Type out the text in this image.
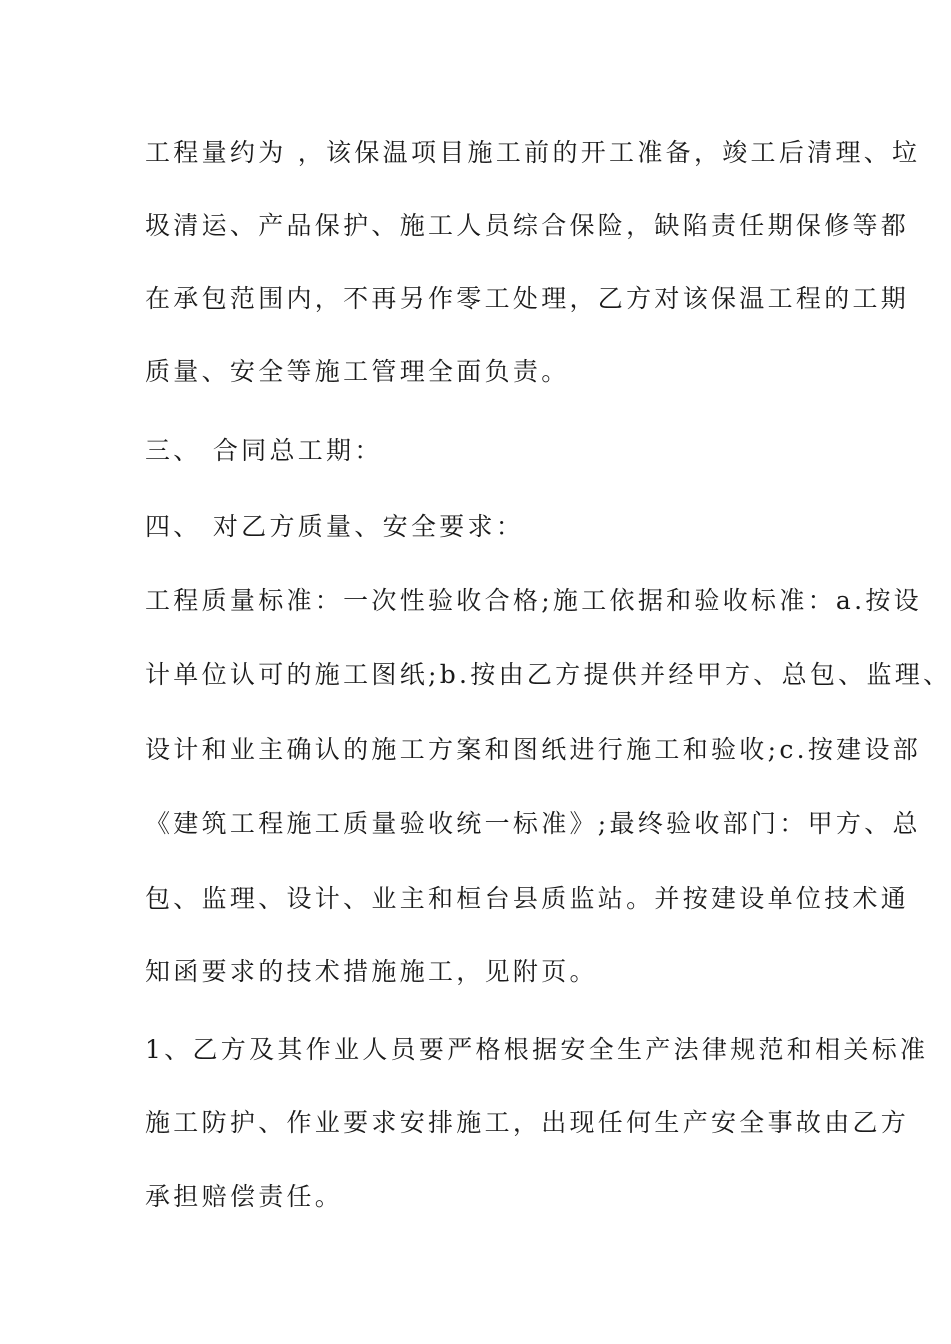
工程量约为 ，该保温项目施工前的开工准备，竣工后清理、垃
圾清运、产品保护、施工人员综合保险，缺陷责任期保修等都
在承包范围内，不再另作零工处理，乙方对该保温工程的工期
质量、安全等施工管理全面负责。
三、 合同总工期：
四、 对乙方质量、安全要求：
工程质量标准：一次性验收合格;施工依据和验收标准：a.按设
计单位认可的施工图纸;b.按由乙方提供并经甲方、总包、监理、
设计和业主确认的施工方案和图纸进行施工和验收;c.按建设部
《建筑工程施工质量验收统一标准》;最终验收部门：甲方、总
包、监理、设计、业主和桓台县质监站。并按建设单位技术通
知函要求的技术措施施工，见附页。
1、乙方及其作业人员要严格根据安全生产法律规范和相关标准
施工防护、作业要求安排施工，出现任何生产安全事故由乙方
承担赔偿责任。
